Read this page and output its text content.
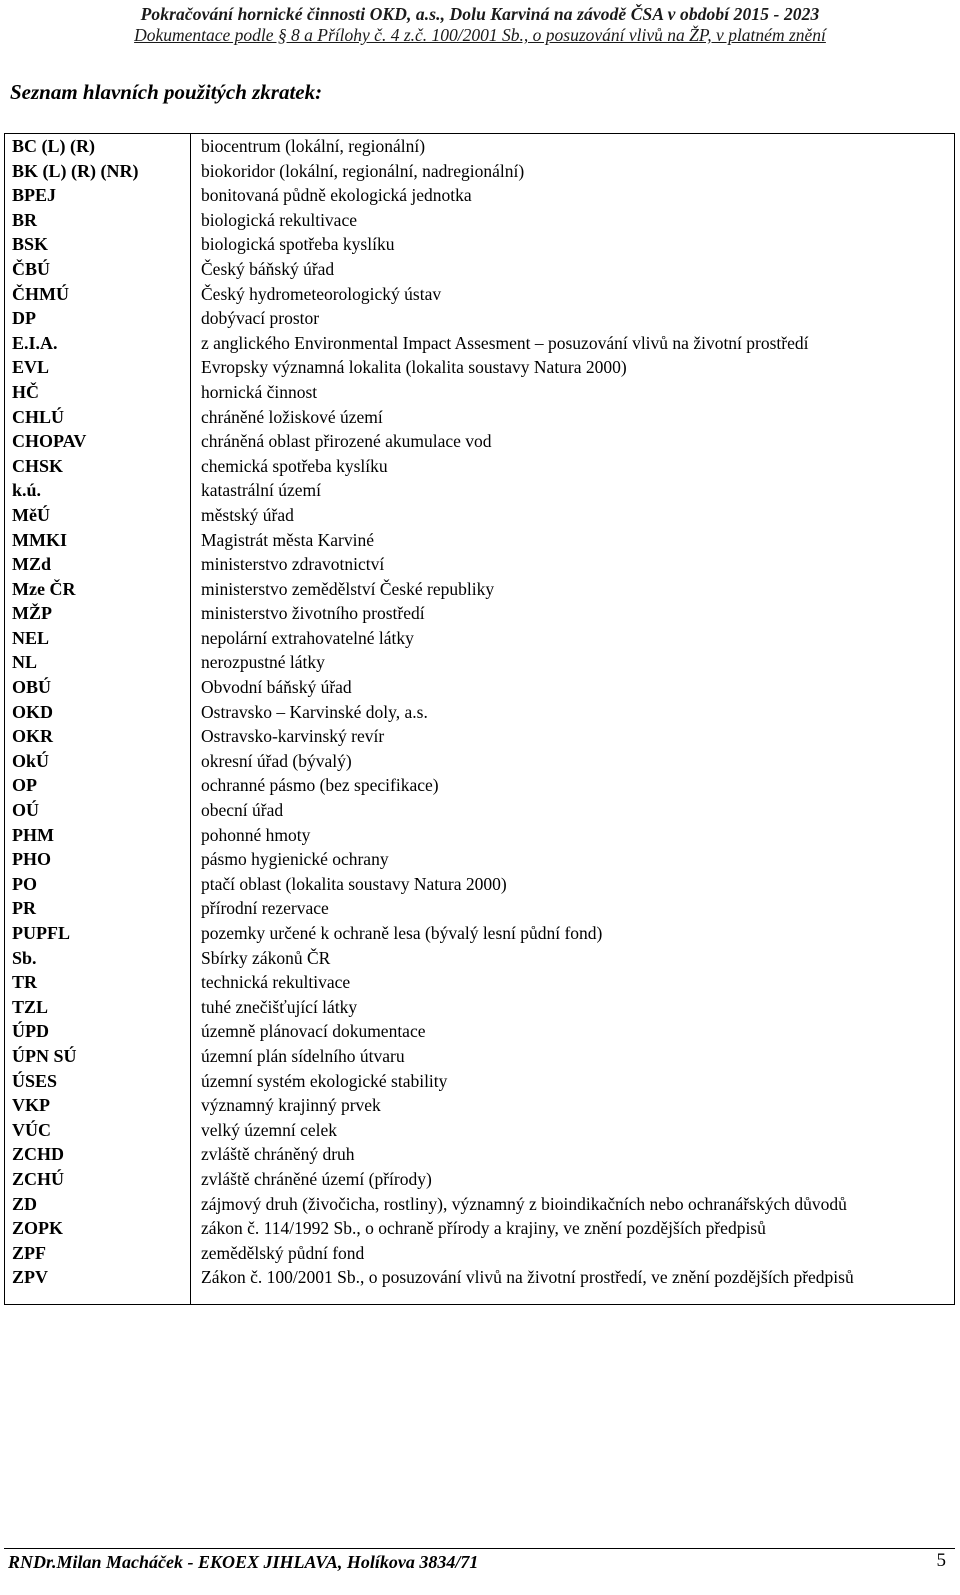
Pokračování hornické činnosti OKD, a.s., Dolu Karviná na závodě ČSA v období 2015 - 2023
Dokumentace podle § 8 a Přílohy č. 4 z.č. 100/2001 Sb., o posuzování vlivů na ŽP, v platném znění
Seznam hlavních použitých zkratek:
BC (L) (R)	biocentrum (lokální, regionální)
BK (L) (R) (NR)	biokoridor (lokální, regionální, nadregionální)
BPEJ	bonitovaná půdně ekologická jednotka
BR	biologická rekultivace
BSK	biologická spotřeba kyslíku
ČBÚ	Český báňský úřad
ČHMÚ	Český hydrometeorologický ústav
DP	dobývací prostor
E.I.A.	z anglického Environmental Impact Assesment – posuzování vlivů na životní prostředí
EVL	Evropsky významná lokalita (lokalita soustavy Natura 2000)
HČ	hornická činnost
CHLÚ	chráněné ložiskové území
CHOPAV	chráněná oblast přirozené akumulace vod
CHSK	chemická spotřeba kyslíku
k.ú.	katastrální území
MěÚ	městský úřad
MMKI	Magistrát města Karviné
MZd	ministerstvo zdravotnictví
Mze ČR	ministerstvo zemědělství České republiky
MŽP	ministerstvo životního prostředí
NEL	nepolární extrahovatelné látky
NL	nerozpustné látky
OBÚ	Obvodní báňský úřad
OKD	Ostravsko – Karvinské doly, a.s.
OKR	Ostravsko-karvinský revír
OkÚ	okresní úřad (bývalý)
OP	ochranné pásmo (bez specifikace)
OÚ	obecní úřad
PHM	pohonné hmoty
PHO	pásmo hygienické ochrany
PO	ptačí oblast (lokalita soustavy Natura 2000)
PR	přírodní rezervace
PUPFL	pozemky určené k ochraně lesa (bývalý lesní půdní fond)
Sb.	Sbírky zákonů ČR
TR	technická rekultivace
TZL	tuhé znečišťující látky
ÚPD	územně plánovací dokumentace
ÚPN SÚ	územní plán sídelního útvaru
ÚSES	územní systém ekologické stability
VKP	významný krajinný prvek
VÚC	velký územní celek
ZCHD	zvláště chráněný druh
ZCHÚ	zvláště chráněné území (přírody)
ZD	zájmový druh (živočicha, rostliny), významný z bioindikačních nebo ochranářských důvodů
ZOPK	zákon č. 114/1992 Sb., o ochraně přírody a krajiny, ve znění pozdějších předpisů
ZPF	zemědělský půdní fond
ZPV	Zákon č. 100/2001 Sb., o posuzování vlivů na životní prostředí, ve znění pozdějších předpisů
RNDr.Milan Macháček - EKOEX JIHLAVA, Holíkova 3834/71	5
